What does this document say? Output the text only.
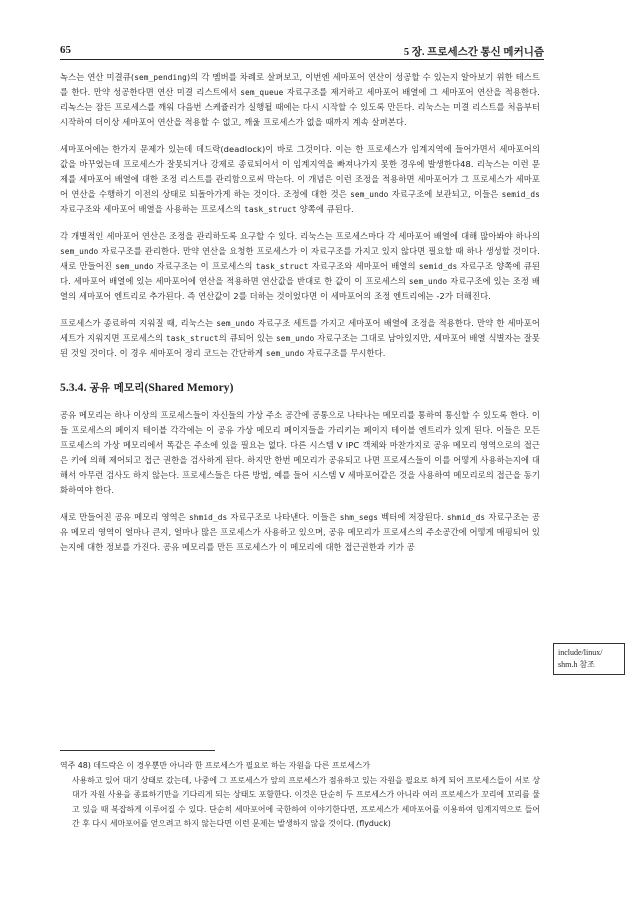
65	5 장. 프로세스간 통신 메커니즘

녹스는 연산 미결큐(sem_pending)의 각 멤버를 차례로 살펴보고, 이번엔 세마포어 연산이 성공할 수 있는지 알아보기 위한 테스트를 한다. 만약 성공한다면 연산 미결 리스트에서 sem_queue 자료구조를 제거하고 세마포어 배열에 그 세마포어 연산을 적용한다. 리녹스는 잠든 프로세스를 깨워 다음번 스케쥴러가 실행될 때에는 다시 시작할 수 있도록 만든다. 리눅스는 미결 리스트를 처음부터 시작하여 더이상 세마포어 연산을 적용할 수 없고, 깨울 프로세스가 없을 때까지 계속 살펴본다.

세마포어에는 한가지 문제가 있는데 데드락(deadlock)이 바로 그것이다. 이는 한 프로세스가 임계지역에 들어가면서 세마포어의 값을 바꾸었는데 프로세스가 잘못되거나 강제로 종료되어서 이 임계지역을 빠져나가지 못한 경우에 발생한다48. 리눅스는 이런 문제를 세마포어 배열에 대한 조정 리스트를 관리함으로써 막는다. 이 개념은 이런 조정을 적용하면 세마포어가 그 프로세스가 세마포어 연산을 수행하기 이전의 상태로 되돌아가게 하는 것이다. 조정에 대한 것은 sem_undo 자료구조에 보관되고, 이들은 semid_ds 자료구조와 세마포어 배열을 사용하는 프로세스의 task_struct 양쪽에 큐된다.

각 개별적인 세마포어 연산은 조정을 관리하도록 요구할 수 있다. 리눅스는 프로세스마다 각 세마포어 배열에 대해 많아봐야 하나의 sem_undo 자료구조를 관리한다. 만약 연산을 요청한 프로세스가 이 자료구조를 가지고 있지 않다면 필요할 때 하나 생성할 것이다. 새로 만들어진 sem_undo 자료구조는 이 프로세스의 task_struct 자료구조와 세마포어 배열의 semid_ds 자료구조 양쪽에 큐된다. 세마포어 배열에 있는 세마포어에 연산을 적용하면 연산값을 반대로 한 값이 이 프로세스의 sem_undo 자료구조에 있는 조정 배열의 세마포어 엔트리로 추가된다. 즉 연산값이 2를 더하는 것이었다면 이 세마포어의 조정 엔트리에는 -2가 더해진다.

프로세스가 종료하여 지워질 때, 리눅스는 sem_undo 자료구조 세트를 가지고 세마포어 배열에 조정을 적용한다. 만약 한 세마포어 세트가 지워지면 프로세스의 task_struct의 큐되어 있는 sem_undo 자료구조는 그대로 남아있지만, 세마포어 배열 식별자는 잘못된 것일 것이다. 이 경우 세마포어 정리 코드는 간단하게 sem_undo 자료구조를 무시한다.

5.3.4. 공유 메모리(Shared Memory)

공유 메모리는 하나 이상의 프로세스들이 자신들의 가상 주소 공간에 공통으로 나타나는 메모리를 통하여 통신할 수 있도록 한다. 이들 프로세스의 페이지 테이블 각각에는 이 공유 가상 메모리 페이지들을 가리키는 페이지 테이블 엔트리가 있게 된다. 이들은 모든 프로세스의 가상 메모리에서 똑같은 주소에 있을 필요는 없다. 다른 시스템 V IPC 객체와 마찬가지로 공유 메모리 영역으로의 접근은 키에 의해 제어되고 접근 권한을 검사하게 된다. 하지만 한번 메모리가 공유되고 나면 프로세스들이 이를 어떻게 사용하는지에 대해서 아무런 검사도 하지 않는다. 프로세스들은 다른 방법, 예를 들어 시스템 V 세마포어같은 것을 사용하여 메모리로의 접근을 동기화하여야 한다.

새로 만들어진 공유 메모리 영역은 shmid_ds 자료구조로 나타낸다. 이들은 shm_segs 벡터에 저장된다. shmid_ds 자료구조는 공유 메모리 영역이 얼마나 큰지, 얼마나 많은 프로세스가 사용하고 있으며, 공유 메모리가 프로세스의 주소공간에 어떻게 매핑되어 있는지에 대한 정보를 가진다. 공유 메모리를 만든 프로세스가 이 메모리에 대한 접근권한과 키가 공

include/linux/ shm.h 참조
역주 48) 데드락은 이 경우뿐만 아니라 한 프로세스가 필요로 하는 자원을 다른 프로세스가
사용하고 있어 대기 상태로 갔는데, 나중에 그 프로세스가 앞의 프로세스가 점유하고 있는 자원을 필요로 하게 되어 프로세스들이 서로 상대가 자원 사용을 종료하기만을 기다리게 되는 상태도 포함한다. 이것은 단순히 두 프로세스가 아니라 여러 프로세스가 꼬리에 꼬리를 물고 있을 때 복잡하게 이루어질 수 있다. 단순히 세마포어에 국한하여 이야기한다면, 프로세스가 세마포어를 이용하여 임계지역으로 들어간 후 다시 세마포어를 얻으려고 하지 않는다면 이런 문제는 발생하지 않을 것이다. (flyduck)
